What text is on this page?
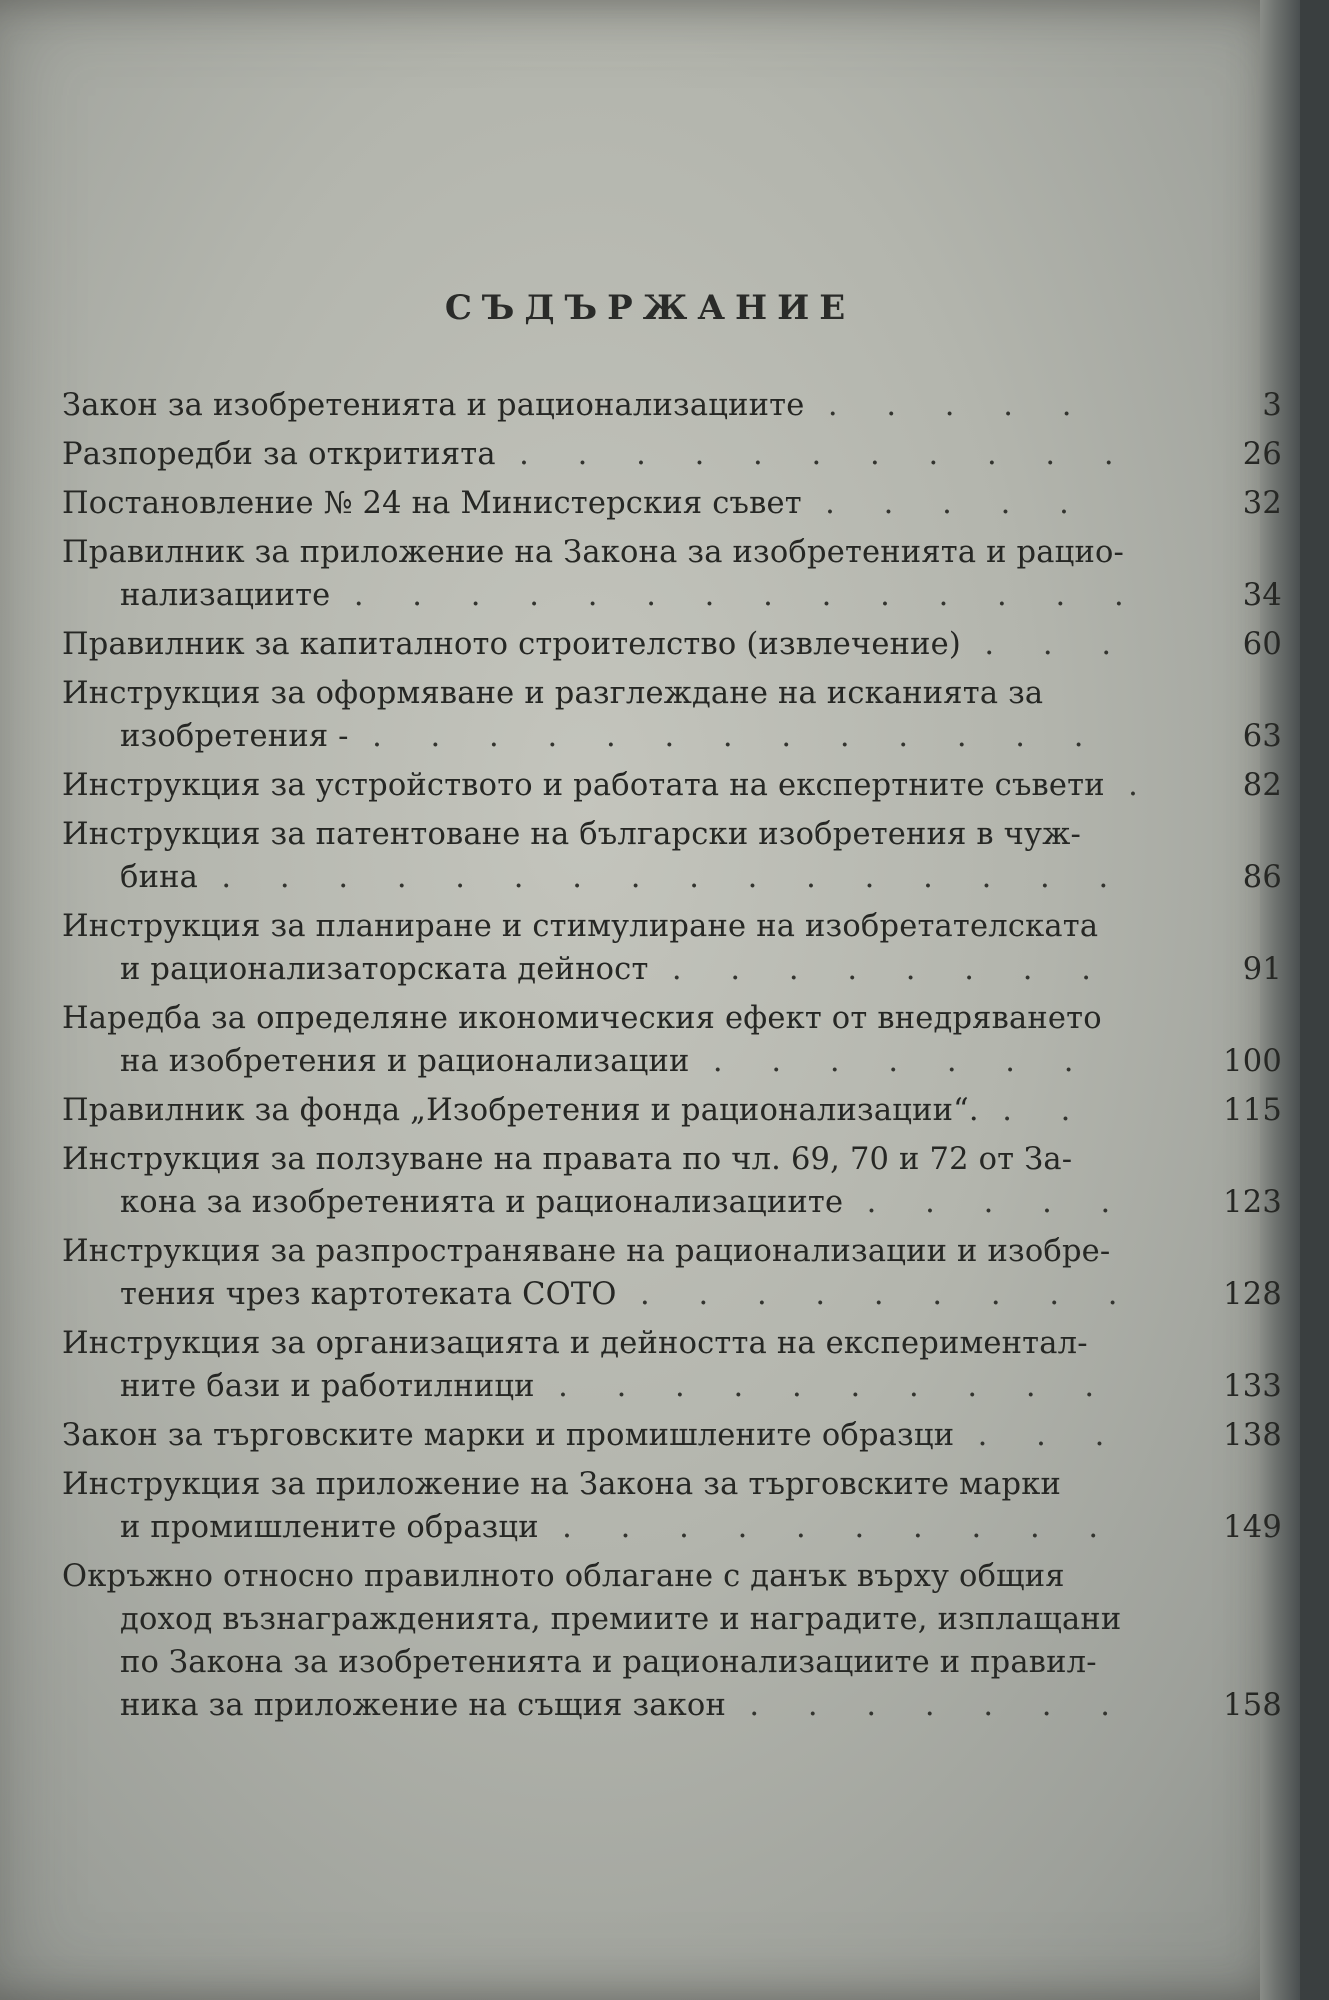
СЪДЪРЖАНИЕ
Закон за изобретенията и рационализациите  .    .    .    .    .	3
Разпоредби за откритията  .    .    .    .    .    .    .    .    .    .    .	26
Постановление № 24 на Министерския съвет  .    .    .    .    .	32
Правилник за приложение на Закона за изобретенията и рацио-
нализациите  .    .    .    .    .    .    .    .    .    .    .    .    .    .	34
Правилник за капиталното строителство (извлечение)  .    .    .	60
Инструкция за оформяване и разглеждане на исканията за
изобретения -  .    .    .    .    .    .    .    .    .    .    .    .    .	63
Инструкция за устройството и работата на експертните съвети  .	82
Инструкция за патентоване на български изобретения в чуж-
бина  .    .    .    .    .    .    .    .    .    .    .    .    .    .    .    .	86
Инструкция за планиране и стимулиране на изобретателската
и рационализаторската дейност  .    .    .    .    .    .    .    .	91
Наредба за определяне икономическия ефект от внедряването
на изобретения и рационализации  .    .    .    .    .    .    .	100
Правилник за фонда „Изобретения и рационализации“.  .    .	115
Инструкция за ползуване на правата по чл. 69, 70 и 72 от За-
кона за изобретенията и рационализациите  .    .    .    .    .	123
Инструкция за разпространяване на рационализации и изобре-
тения чрез картотеката СОТО  .    .    .    .    .    .    .    .    .	128
Инструкция за организацията и дейността на експериментал-
ните бази и работилници  .    .    .    .    .    .    .    .    .    .	133
Закон за търговските марки и промишлените образци  .    .    .	138
Инструкция за приложение на Закона за търговските марки
и промишлените образци  .    .    .    .    .    .    .    .    .    .	149
Окръжно относно правилното облагане с данък върху общия
доход възнагражденията, премиите и наградите, изплащани
по Закона за изобретенията и рационализациите и правил-
ника за приложение на същия закон  .    .    .    .    .    .    .	158
